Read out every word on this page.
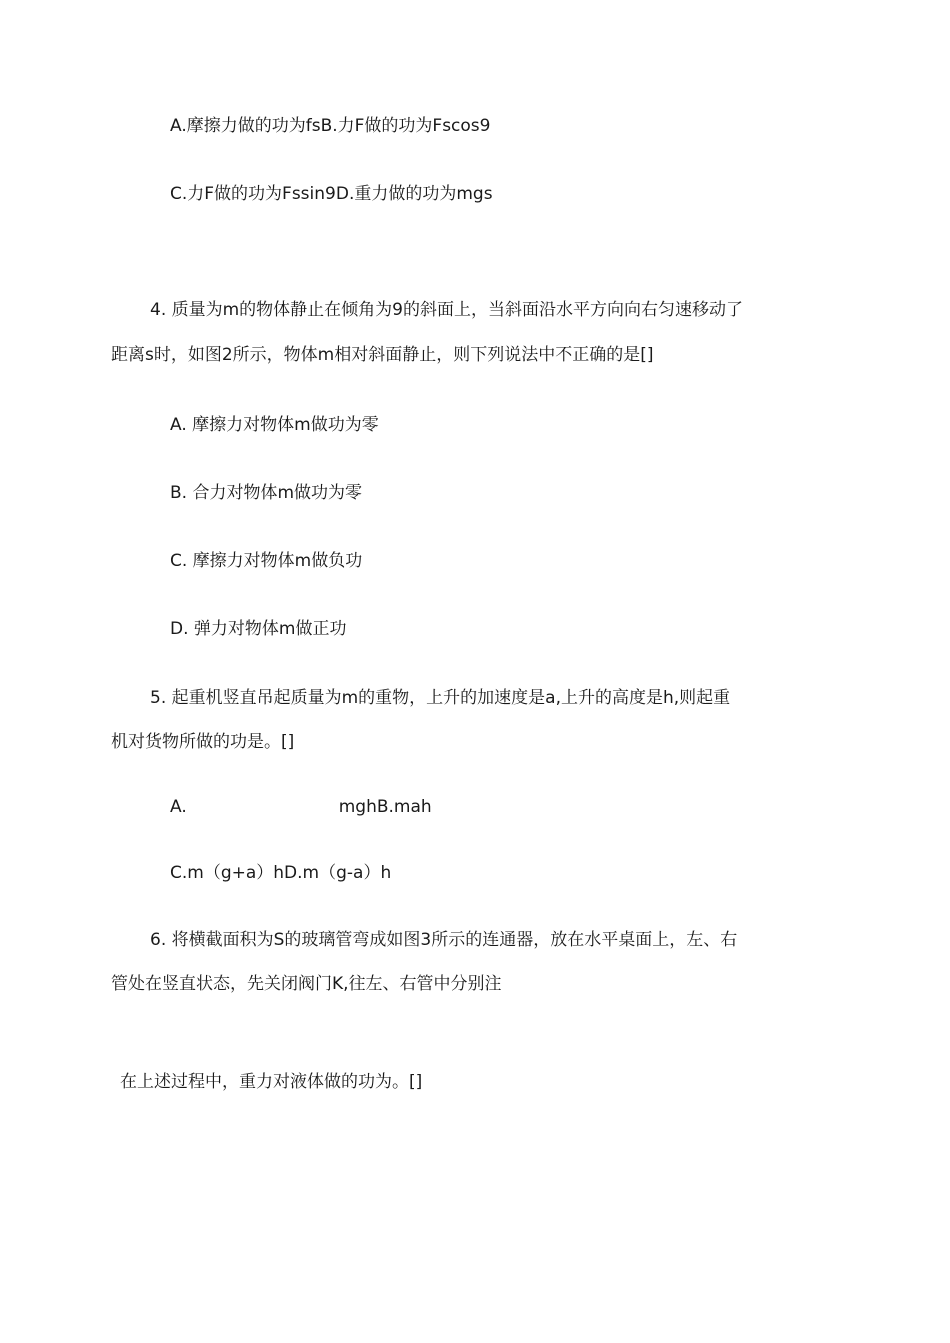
A.摩擦力做的功为fsB.力F做的功为Fscos9
C.力F做的功为Fssin9D.重力做的功为mgs
4. 质量为m的物体静止在倾角为9的斜面上，当斜面沿水平方向向右匀速移动了
距离s时，如图2所示，物体m相对斜面静止，则下列说法中不正确的是[]
A. 摩擦力对物体m做功为零
B. 合力对物体m做功为零
C. 摩擦力对物体m做负功
D. 弹力对物体m做正功
5. 起重机竖直吊起质量为m的重物，上升的加速度是a,上升的高度是h,则起重
机对货物所做的功是。[]
A.	mghB.mah
C.m（g+a）hD.m（g-a）h
6. 将横截面积为S的玻璃管弯成如图3所示的连通器，放在水平桌面上，左、右
管处在竖直状态，先关闭阀门K,往左、右管中分别注
在上述过程中，重力对液体做的功为。[]
